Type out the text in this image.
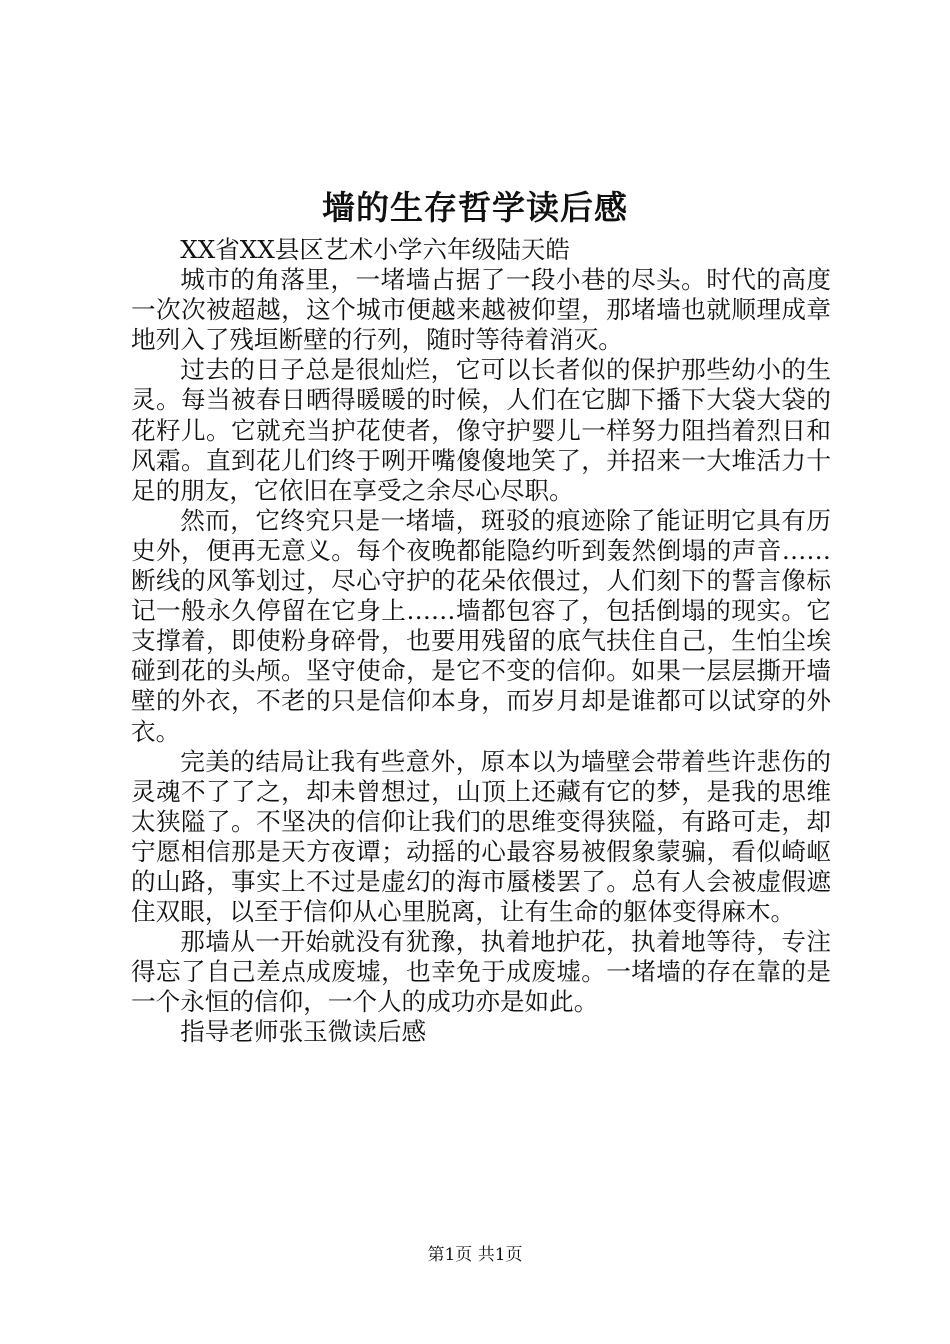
墙的生存哲学读后感

XX省XX县区艺术小学六年级陆天皓

城市的角落里，一堵墙占据了一段小巷的尽头。时代的高度一次次被超越，这个城市便越来越被仰望，那堵墙也就顺理成章地列入了残垣断壁的行列，随时等待着消灭。

过去的日子总是很灿烂，它可以长者似的保护那些幼小的生灵。每当被春日晒得暖暖的时候，人们在它脚下播下大袋大袋的花籽儿。它就充当护花使者，像守护婴儿一样努力阻挡着烈日和风霜。直到花儿们终于咧开嘴傻傻地笑了，并招来一大堆活力十足的朋友，它依旧在享受之余尽心尽职。

然而，它终究只是一堵墙，斑驳的痕迹除了能证明它具有历史外，便再无意义。每个夜晚都能隐约听到轰然倒塌的声音……断线的风筝划过，尽心守护的花朵依偎过，人们刻下的誓言像标记一般永久停留在它身上……墙都包容了，包括倒塌的现实。它支撑着，即使粉身碎骨，也要用残留的底气扶住自己，生怕尘埃碰到花的头颅。坚守使命，是它不变的信仰。如果一层层撕开墙壁的外衣，不老的只是信仰本身，而岁月却是谁都可以试穿的外衣。

完美的结局让我有些意外，原本以为墙壁会带着些许悲伤的灵魂不了了之，却未曾想过，山顶上还藏有它的梦，是我的思维太狭隘了。不坚决的信仰让我们的思维变得狭隘，有路可走，却宁愿相信那是天方夜谭；动摇的心最容易被假象蒙骗，看似崎岖的山路，事实上不过是虚幻的海市蜃楼罢了。总有人会被虚假遮住双眼，以至于信仰从心里脱离，让有生命的躯体变得麻木。

那墙从一开始就没有犹豫，执着地护花，执着地等待，专注得忘了自己差点成废墟，也幸免于成废墟。一堵墙的存在靠的是一个永恒的信仰，一个人的成功亦是如此。

指导老师张玉微读后感

第1页 共1页
